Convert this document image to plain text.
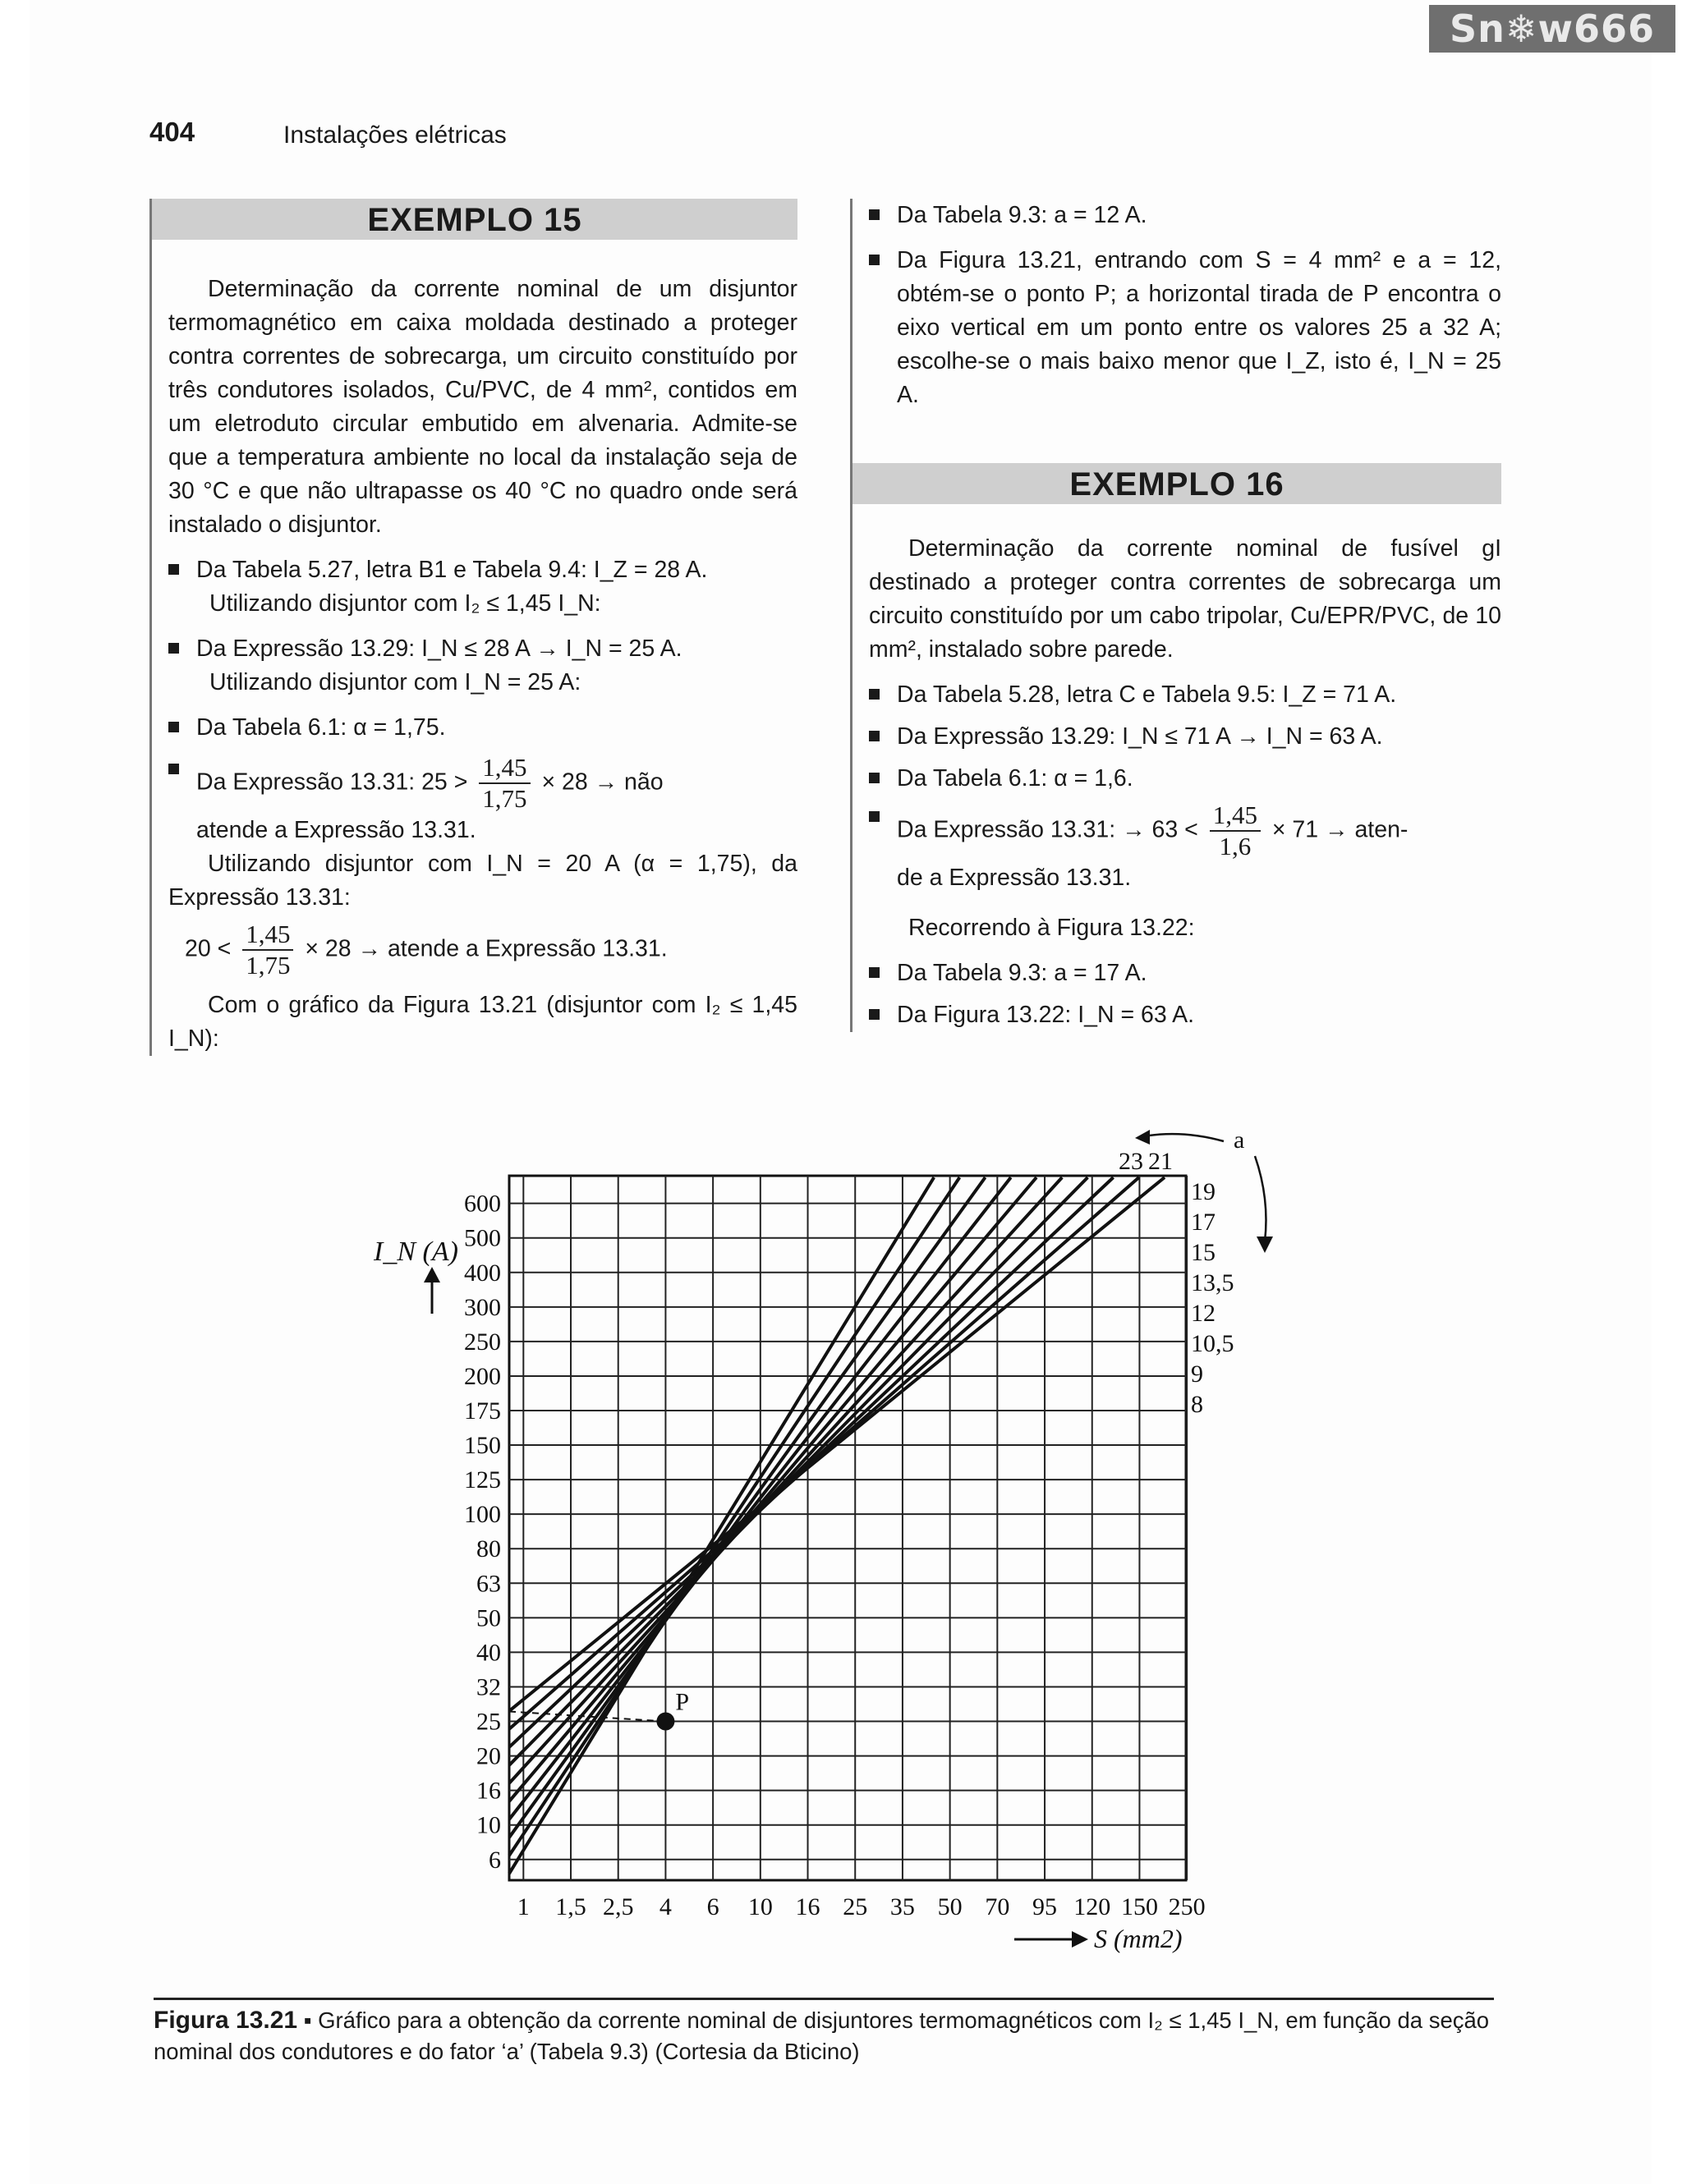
Sn❄w666
404	Instalações elétricas
EXEMPLO 15

Determinação da corrente nominal de um disjuntor termomagnético em caixa moldada destinado a proteger contra correntes de sobrecarga, um circuito constituído por três condutores isolados, Cu/PVC, de 4 mm², contidos em um eletroduto circular embutido em alvenaria. Admite-se que a temperatura ambiente no local da instalação seja de 30 °C e que não ultrapasse os 40 °C no quadro onde será instalado o disjuntor.

Da Tabela 5.27, letra B1 e Tabela 9.4: I_Z = 28 A.

Utilizando disjuntor com I₂ ≤ 1,45 I_N:

Da Expressão 13.29: I_N ≤ 28 A → I_N = 25 A.

Utilizando disjuntor com I_N = 25 A:

Da Tabela 6.1: α = 1,75.

Da Expressão 13.31: $25 > \frac{1,45}{1,75} \times 28$ → não

atende a Expressão 13.31.

Utilizando disjuntor com I_N = 20 A (α = 1,75), da Expressão 13.31:

$20 < \frac{1,45}{1,75} \times 28$ → atende a Expressão 13.31.

Com o gráfico da Figura 13.21 (disjuntor com I₂ ≤ 1,45 I_N):

Da Tabela 9.3: a = 12 A.

Da Figura 13.21, entrando com S = 4 mm² e a = 12, obtém-se o ponto P; a horizontal tirada de P encontra o eixo vertical em um ponto entre os valores 25 a 32 A; escolhe-se o mais baixo menor que I_Z, isto é, I_N = 25 A.

EXEMPLO 16

Determinação da corrente nominal de fusível gI destinado a proteger contra correntes de sobrecarga um circuito constituído por um cabo tripolar, Cu/EPR/PVC, de 10 mm², instalado sobre parede.

Da Tabela 5.28, letra C e Tabela 9.5: I_Z = 71 A.

Da Expressão 13.29: I_N ≤ 71 A → I_N = 63 A.

Da Tabela 6.1: α = 1,6.

Da Expressão 13.31: → $63 < \frac{1,45}{1,6} \times 71$ → aten-

de a Expressão 13.31.

Recorrendo à Figura 13.22:

Da Tabela 9.3: a = 17 A.

Da Figura 13.22: I_N = 63 A.

1 1,5 2,5 4 6 10 16 25 35 50 70 95 120 150 250
6
10
16
20
25
32
40
50
63
80
100
125
150
175
200
250
300
400
500
600
I_N (A)
S (mm2)
P
23 21
19
17
15
13,5
12
10,5
9
8
a
Figura 13.21 ▪ Gráfico para a obtenção da corrente nominal de disjuntores termomagnéticos com I₂ ≤ 1,45 I_N, em função da seção nominal dos condutores e do fator ‘a’ (Tabela 9.3) (Cortesia da Bticino)
